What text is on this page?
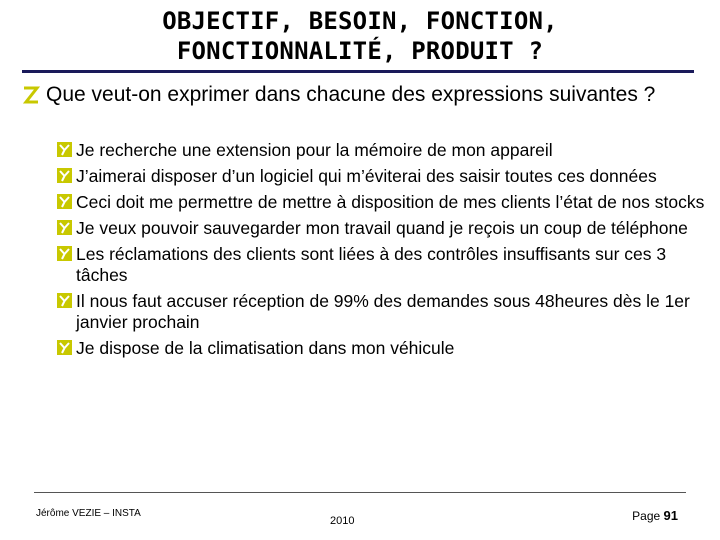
OBJECTIF, BESOIN, FONCTION,
FONCTIONNALITÉ, PRODUIT ?
Que veut-on exprimer dans chacune des expressions suivantes ?
Je recherche une extension pour la mémoire de mon appareil
J’aimerai disposer d’un logiciel qui m’éviterai des saisir toutes ces données
Ceci doit me permettre de mettre à disposition de mes clients l’état de nos stocks
Je veux pouvoir sauvegarder mon travail quand je reçois un coup de téléphone
Les réclamations des clients sont liées à des contrôles insuffisants sur ces 3 tâches
Il nous faut accuser réception de 99% des demandes sous 48heures dès le 1er janvier prochain
Je dispose de la climatisation dans mon véhicule
Jérôme VEZIE – INSTA
2010	Page 91
